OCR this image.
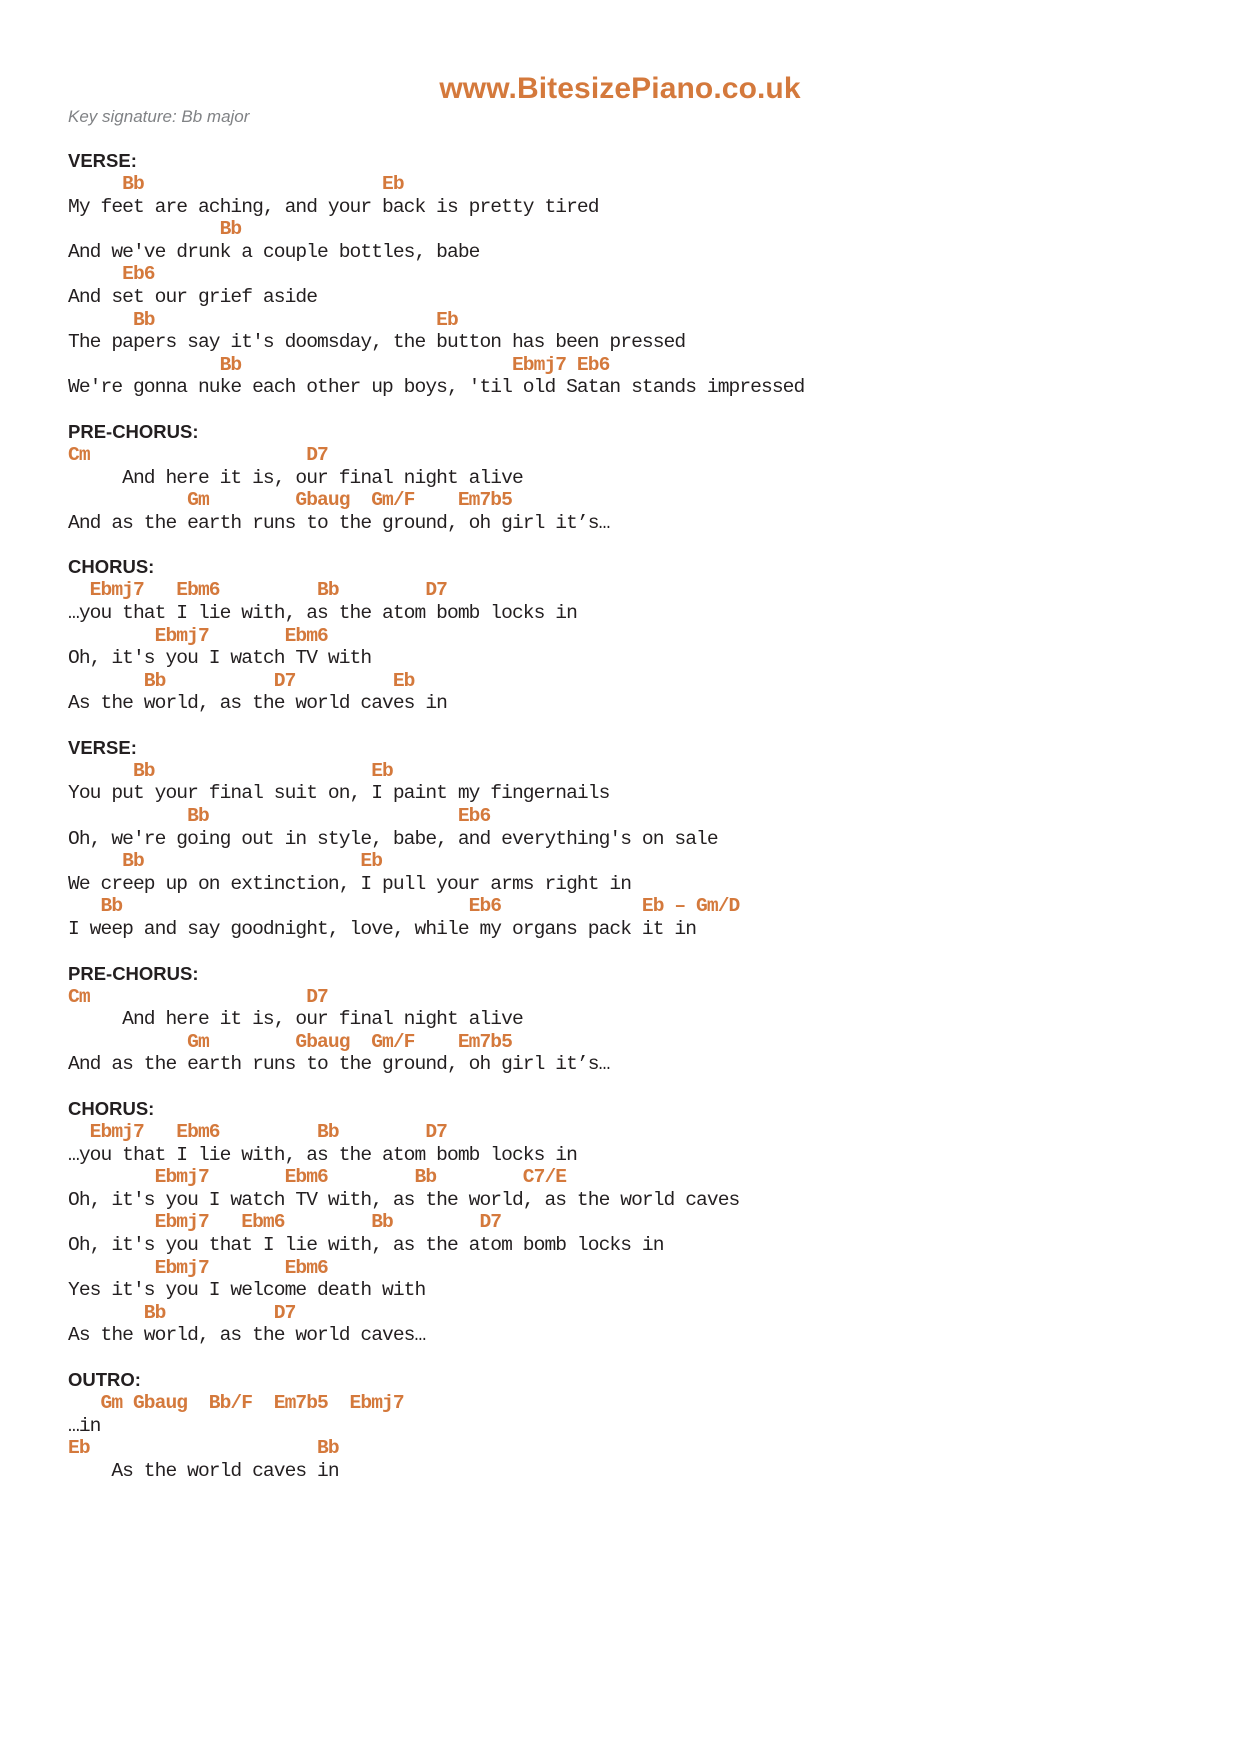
www.BitesizePiano.co.uk
Key signature: Bb major
VERSE:
Bb                      Eb
My feet are aching, and your back is pretty tired
Bb
And we've drunk a couple bottles, babe
Eb6
And set our grief aside
Bb                          Eb
The papers say it's doomsday, the button has been pressed
Bb                         Ebmj7 Eb6
We're gonna nuke each other up boys, 'til old Satan stands impressed
PRE-CHORUS:
Cm                    D7
And here it is, our final night alive
Gm        Gbaug  Gm/F    Em7b5
And as the earth runs to the ground, oh girl it’s…
CHORUS:
Ebmj7   Ebm6         Bb        D7
…you that I lie with, as the atom bomb locks in
Ebmj7       Ebm6
Oh, it's you I watch TV with
Bb          D7         Eb
As the world, as the world caves in
VERSE:
Bb                    Eb
You put your final suit on, I paint my fingernails
Bb                       Eb6
Oh, we're going out in style, babe, and everything's on sale
Bb                    Eb
We creep up on extinction, I pull your arms right in
Bb                                Eb6             Eb – Gm/D
I weep and say goodnight, love, while my organs pack it in
PRE-CHORUS:
Cm                    D7
And here it is, our final night alive
Gm        Gbaug  Gm/F    Em7b5
And as the earth runs to the ground, oh girl it’s…
CHORUS:
Ebmj7   Ebm6         Bb        D7
…you that I lie with, as the atom bomb locks in
Ebmj7       Ebm6        Bb        C7/E
Oh, it's you I watch TV with, as the world, as the world caves
Ebmj7   Ebm6        Bb        D7
Oh, it's you that I lie with, as the atom bomb locks in
Ebmj7       Ebm6
Yes it's you I welcome death with
Bb          D7
As the world, as the world caves…
OUTRO:
Gm Gbaug  Bb/F  Em7b5  Ebmj7
…in
Eb                     Bb
As the world caves in
